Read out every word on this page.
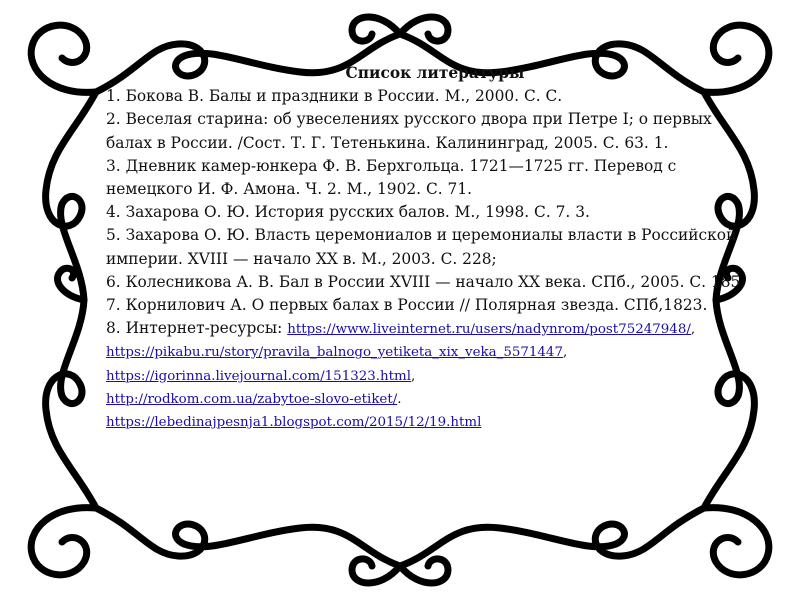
Список литературы

1. Бокова В. Балы и праздники в России. М., 2000. С. С.

2. Веселая старина: об увеселениях русского двора при Петре I; о первых балах в России. /Сост. Т. Г. Тетенькина. Калининград, 2005. С. 63. 1.

3. Дневник камер-юнкера Ф. В. Берхгольца. 1721—1725 гг. Перевод с немецкого И. Ф. Амона. Ч. 2. М., 1902. С. 71.

4. Захарова О. Ю. История русских балов. М., 1998. С. 7. 3.

5. Захарова О. Ю. Власть церемониалов и церемониалы власти в Российской империи. XVIII — начало XX в. М., 2003. С. 228;

6. Колесникова А. В. Бал в России XVIII — начало XX века. СПб., 2005. С. 185.

7. Корнилович А. О первых балах в России // Полярная звезда. СПб,1823.

8. Интернет-ресурсы: https://www.liveinternet.ru/users/nadynrom/post75247948/,
https://pikabu.ru/story/pravila_balnogo_yetiketa_xix_veka_5571447,
https://igorinna.livejournal.com/151323.html,
http://rodkom.com.ua/zabytoe-slovo-etiket/.
https://lebedinajpesnja1.blogspot.com/2015/12/19.html
